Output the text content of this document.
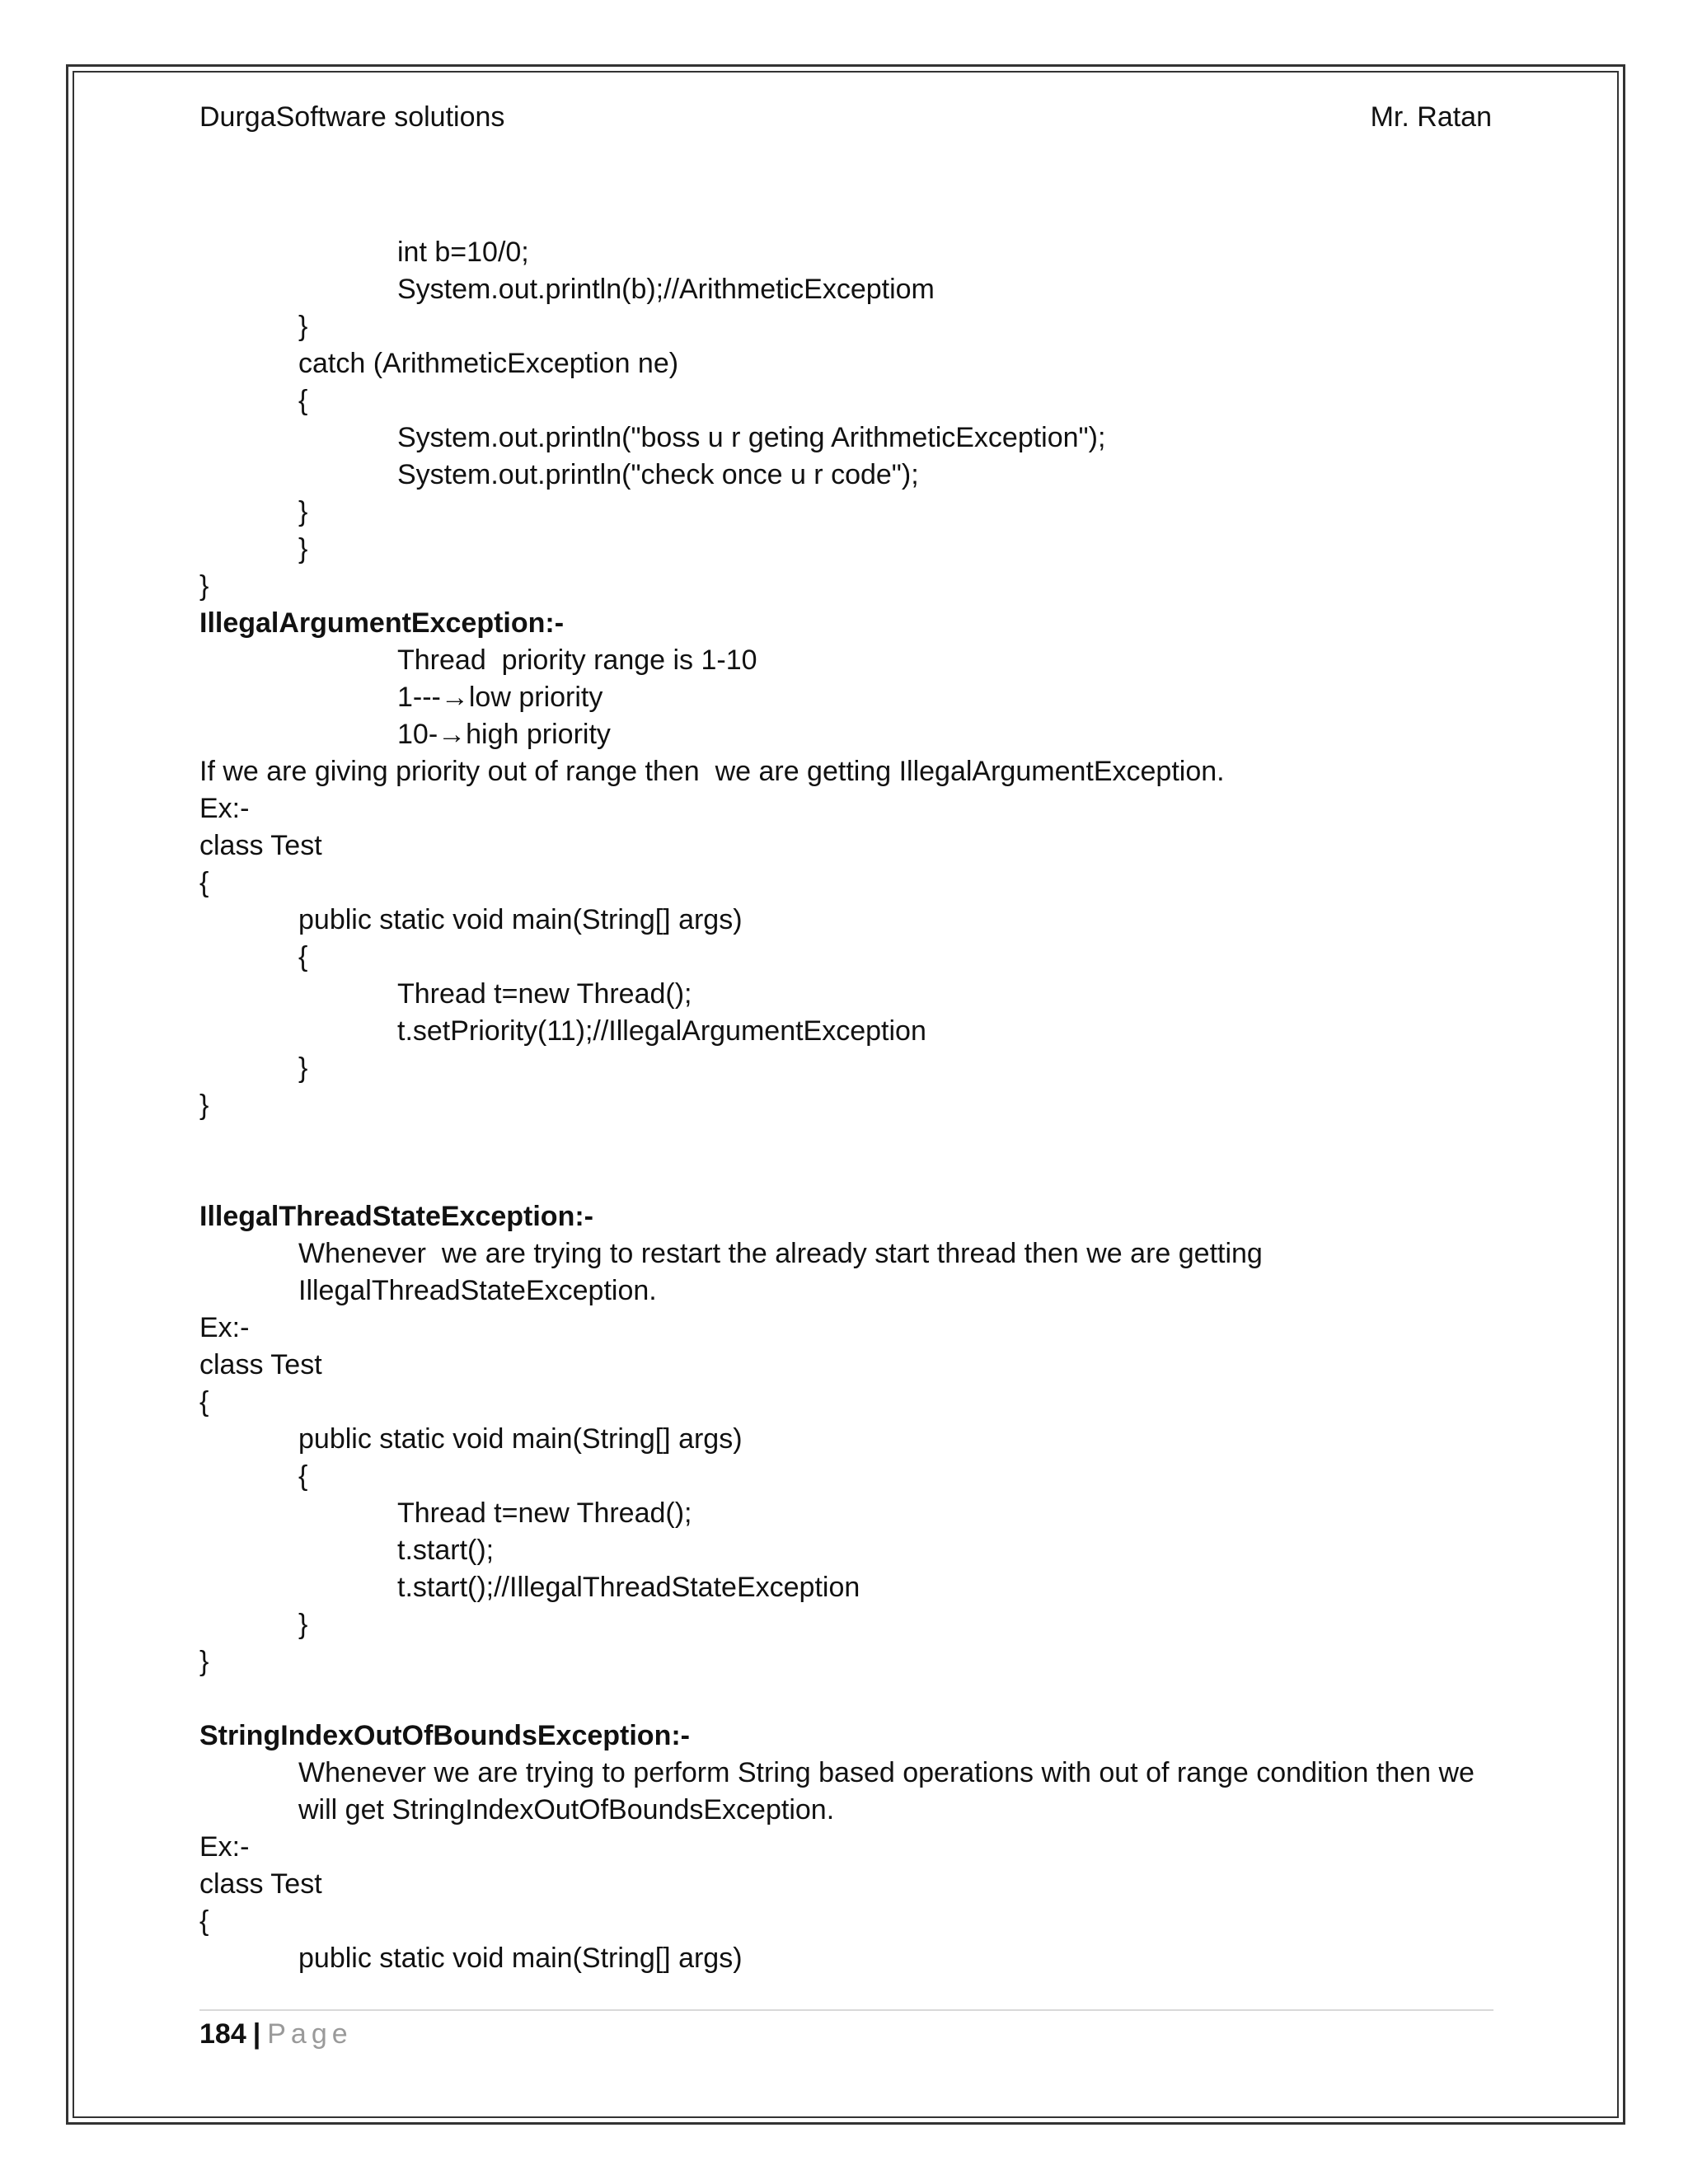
DurgaSoftware solutions	Mr. Ratan
int b=10/0;
System.out.println(b);//ArithmeticExceptiom
}
catch (ArithmeticException ne)
{
System.out.println("boss u r geting ArithmeticException");
System.out.println("check once u r code");
}
}
}
IllegalArgumentException:-
Thread  priority range is 1-10
1---→low priority
10-→high priority
If we are giving priority out of range then  we are getting IllegalArgumentException.
Ex:-
class Test
{
public static void main(String[] args)
{
Thread t=new Thread();
t.setPriority(11);//IllegalArgumentException
}
}
IllegalThreadStateException:-
Whenever  we are trying to restart the already start thread then we are getting
IllegalThreadStateException.
Ex:-
class Test
{
public static void main(String[] args)
{
Thread t=new Thread();
t.start();
t.start();//IllegalThreadStateException
}
}
StringIndexOutOfBoundsException:-
Whenever we are trying to perform String based operations with out of range condition then we
will get StringIndexOutOfBoundsException.
Ex:-
class Test
{
public static void main(String[] args)
184 | Page
